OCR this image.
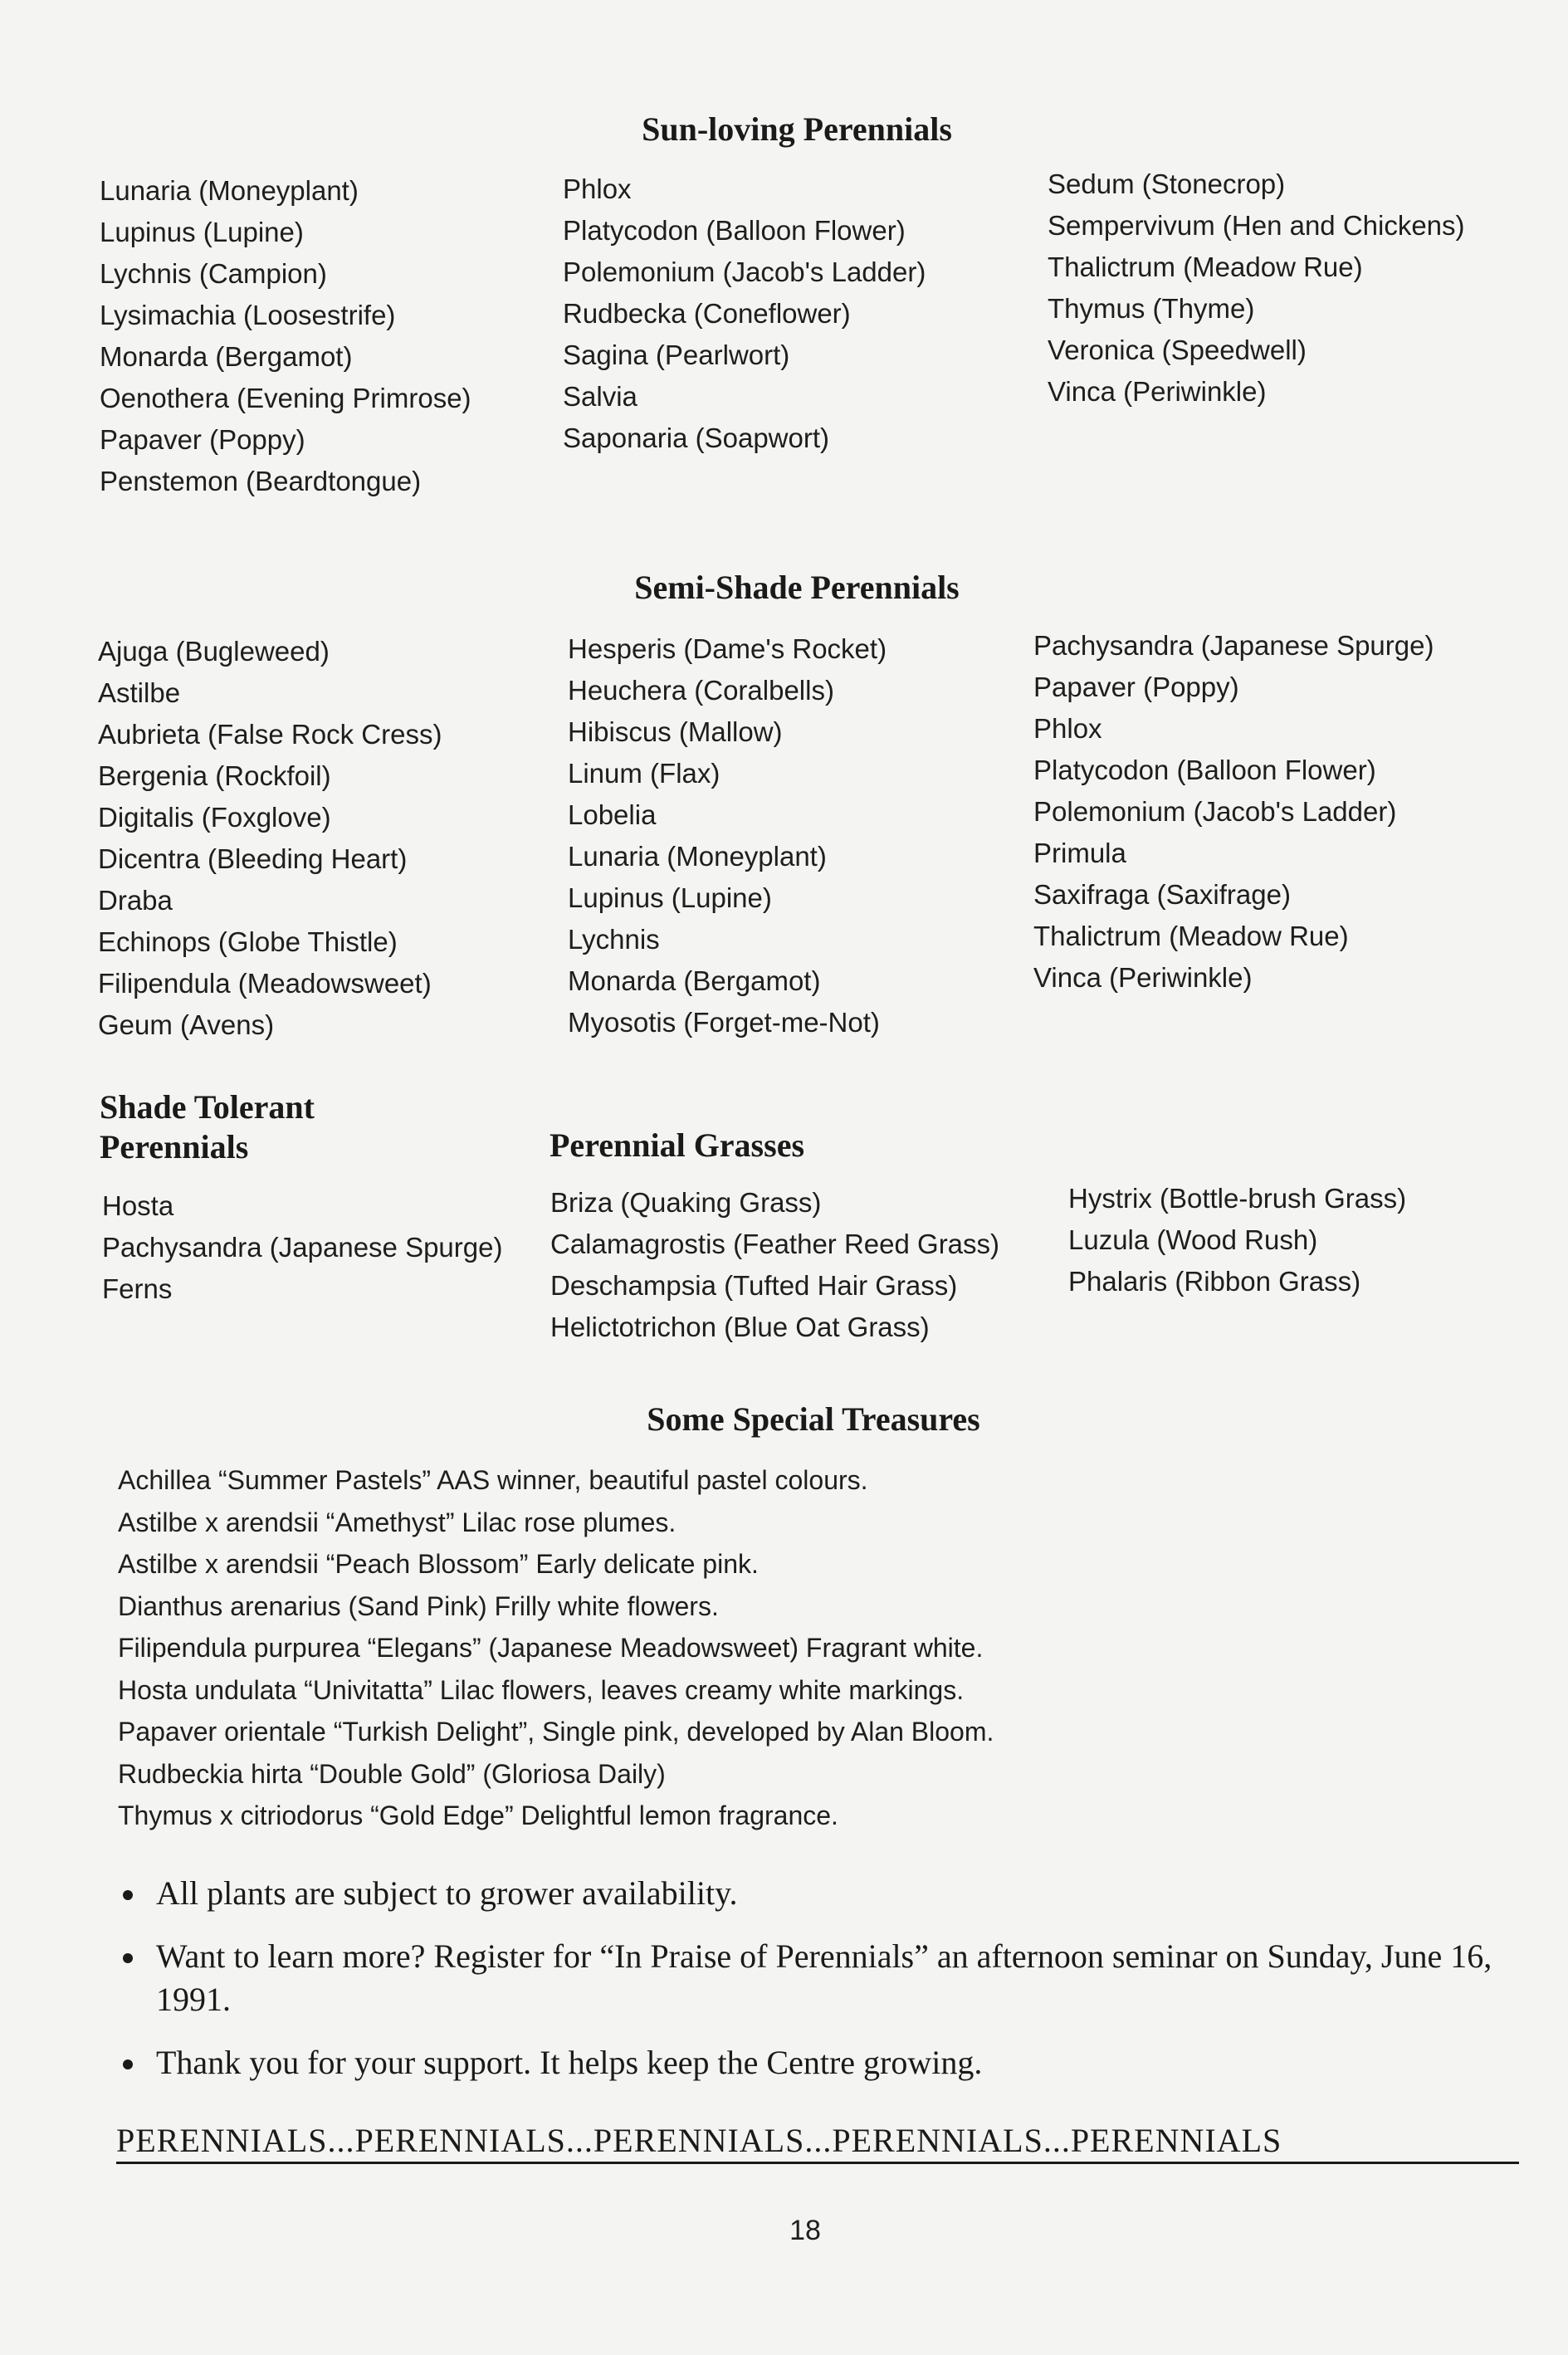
Sun-loving Perennials
Lunaria (Moneyplant)
Lupinus (Lupine)
Lychnis (Campion)
Lysimachia (Loosestrife)
Monarda (Bergamot)
Oenothera (Evening Primrose)
Papaver (Poppy)
Penstemon (Beardtongue)
Phlox
Platycodon (Balloon Flower)
Polemonium (Jacob's Ladder)
Rudbecka (Coneflower)
Sagina (Pearlwort)
Salvia
Saponaria (Soapwort)
Sedum (Stonecrop)
Sempervivum (Hen and Chickens)
Thalictrum (Meadow Rue)
Thymus (Thyme)
Veronica (Speedwell)
Vinca (Periwinkle)
Semi-Shade Perennials
Ajuga (Bugleweed)
Astilbe
Aubrieta (False Rock Cress)
Bergenia (Rockfoil)
Digitalis (Foxglove)
Dicentra (Bleeding Heart)
Draba
Echinops (Globe Thistle)
Filipendula (Meadowsweet)
Geum (Avens)
Hesperis (Dame's Rocket)
Heuchera (Coralbells)
Hibiscus (Mallow)
Linum (Flax)
Lobelia
Lunaria (Moneyplant)
Lupinus (Lupine)
Lychnis
Monarda (Bergamot)
Myosotis (Forget-me-Not)
Pachysandra (Japanese Spurge)
Papaver (Poppy)
Phlox
Platycodon (Balloon Flower)
Polemonium (Jacob's Ladder)
Primula
Saxifraga (Saxifrage)
Thalictrum (Meadow Rue)
Vinca (Periwinkle)
Shade Tolerant
Perennials
Hosta
Pachysandra (Japanese Spurge)
Ferns
Perennial Grasses
Briza (Quaking Grass)
Calamagrostis (Feather Reed Grass)
Deschampsia (Tufted Hair Grass)
Helictotrichon (Blue Oat Grass)
Hystrix (Bottle-brush Grass)
Luzula (Wood Rush)
Phalaris (Ribbon Grass)
Some Special Treasures
Achillea “Summer Pastels” AAS winner, beautiful pastel colours.
Astilbe x arendsii “Amethyst” Lilac rose plumes.
Astilbe x arendsii “Peach Blossom” Early delicate pink.
Dianthus arenarius (Sand Pink) Frilly white flowers.
Filipendula purpurea “Elegans” (Japanese Meadowsweet) Fragrant white.
Hosta undulata “Univitatta” Lilac flowers, leaves creamy white markings.
Papaver orientale “Turkish Delight”, Single pink, developed by Alan Bloom.
Rudbeckia hirta “Double Gold” (Gloriosa Daily)
Thymus x citriodorus “Gold Edge” Delightful lemon fragrance.
All plants are subject to grower availability.
Want to learn more? Register for “In Praise of Perennials” an afternoon seminar on Sunday, June 16, 1991.
Thank you for your support. It helps keep the Centre growing.
PERENNIALS...PERENNIALS...PERENNIALS...PERENNIALS...PERENNIALS
18
